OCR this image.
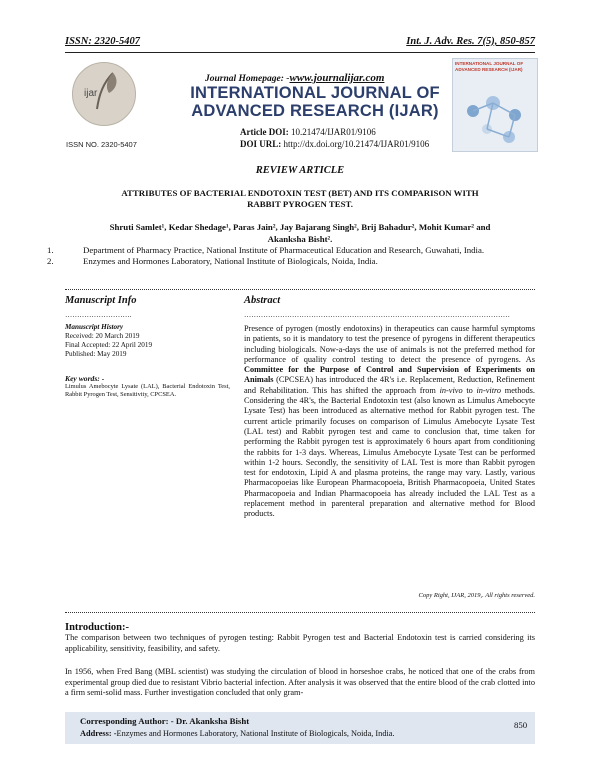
ISSN: 2320-5407	Int. J. Adv. Res. 7(5), 850-857
ijar
ISSN NO. 2320-5407
Journal Homepage: -www.journalijar.com
INTERNATIONAL JOURNAL OF
ADVANCED RESEARCH (IJAR)
Article DOI: 10.21474/IJAR01/9106
DOI URL: http://dx.doi.org/10.21474/IJAR01/9106
INTERNATIONAL JOURNAL OF ADVANCED RESEARCH (IJAR)
REVIEW ARTICLE
ATTRIBUTES OF BACTERIAL ENDOTOXIN TEST (BET) AND ITS COMPARISON WITH RABBIT PYROGEN TEST.
Shruti Samlet¹, Kedar Shedage¹, Paras Jain², Jay Bajarang Singh², Brij Bahadur², Mohit Kumar² and
Akanksha Bisht².
1.	Department of Pharmacy Practice, National Institute of Pharmaceutical Education and Research, Guwahati, India.
2.	Enzymes and Hormones Laboratory, National Institute of Biologicals, Noida, India.
Manuscript Info
……………………….
Manuscript History
Received: 20 March 2019
Final Accepted: 22 April 2019
Published: May 2019
Key words: -
Limulus Amebocyte Lysate (LAL), Bacterial Endotoxin Test, Rabbit Pyrogen Test, Sensitivity, CPCSEA.
Abstract
…………………………………………………………………………………………………
Presence of pyrogen (mostly endotoxins) in therapeutics can cause harmful symptoms in patients, so it is mandatory to test the presence of pyrogens in different therapeutics including biologicals. Now-a-days the use of animals is not the preferred method for performance of quality control testing to detect the presence of pyrogens. As Committee for the Purpose of Control and Supervision of Experiments on Animals (CPCSEA) has introduced the 4R's i.e. Replacement, Reduction, Refinement and Rehabilitation. This has shifted the approach from in-vivo to in-vitro methods. Considering the 4R's, the Bacterial Endotoxin test (also known as Limulus Amebocyte Lysate Test) has been introduced as alternative method for Rabbit pyrogen test. The current article primarily focuses on comparison of Limulus Amebocyte Lysate Test (LAL test) and Rabbit pyrogen test and came to conclusion that, time taken for performing the Rabbit pyrogen test is approximately 6 hours apart from conditioning the rabbits for 1-3 days. Whereas, Limulus Amebocyte Lysate Test can be performed within 1-2 hours. Secondly, the sensitivity of LAL Test is more than Rabbit pyrogen test for endotoxin, Lipid A and plasma proteins, the range may vary. Lastly, various Pharmacopoeias like European Pharmacopoeia, British Pharmacopoeia, United States Pharmacopoeia and Indian Pharmacopoeia has already included the LAL Test as a replacement method in parenteral preparation and alternative method for Blood products.
Copy Right, IJAR, 2019,. All rights reserved.
Introduction:-
The comparison between two techniques of pyrogen testing: Rabbit Pyrogen test and Bacterial Endotoxin test is carried considering its applicability, sensitivity, feasibility, and safety.
In 1956, when Fred Bang (MBL scientist) was studying the circulation of blood in horseshoe crabs, he noticed that one of the crabs from experimental group died due to resistant Vibrio bacterial infection. After analysis it was observed that the entire blood of the crab clotted into a firm semi-solid mass. Further investigation concluded that only gram-
Corresponding Author: - Dr. Akanksha Bisht
Address: -Enzymes and Hormones Laboratory, National Institute of Biologicals, Noida, India.
850
